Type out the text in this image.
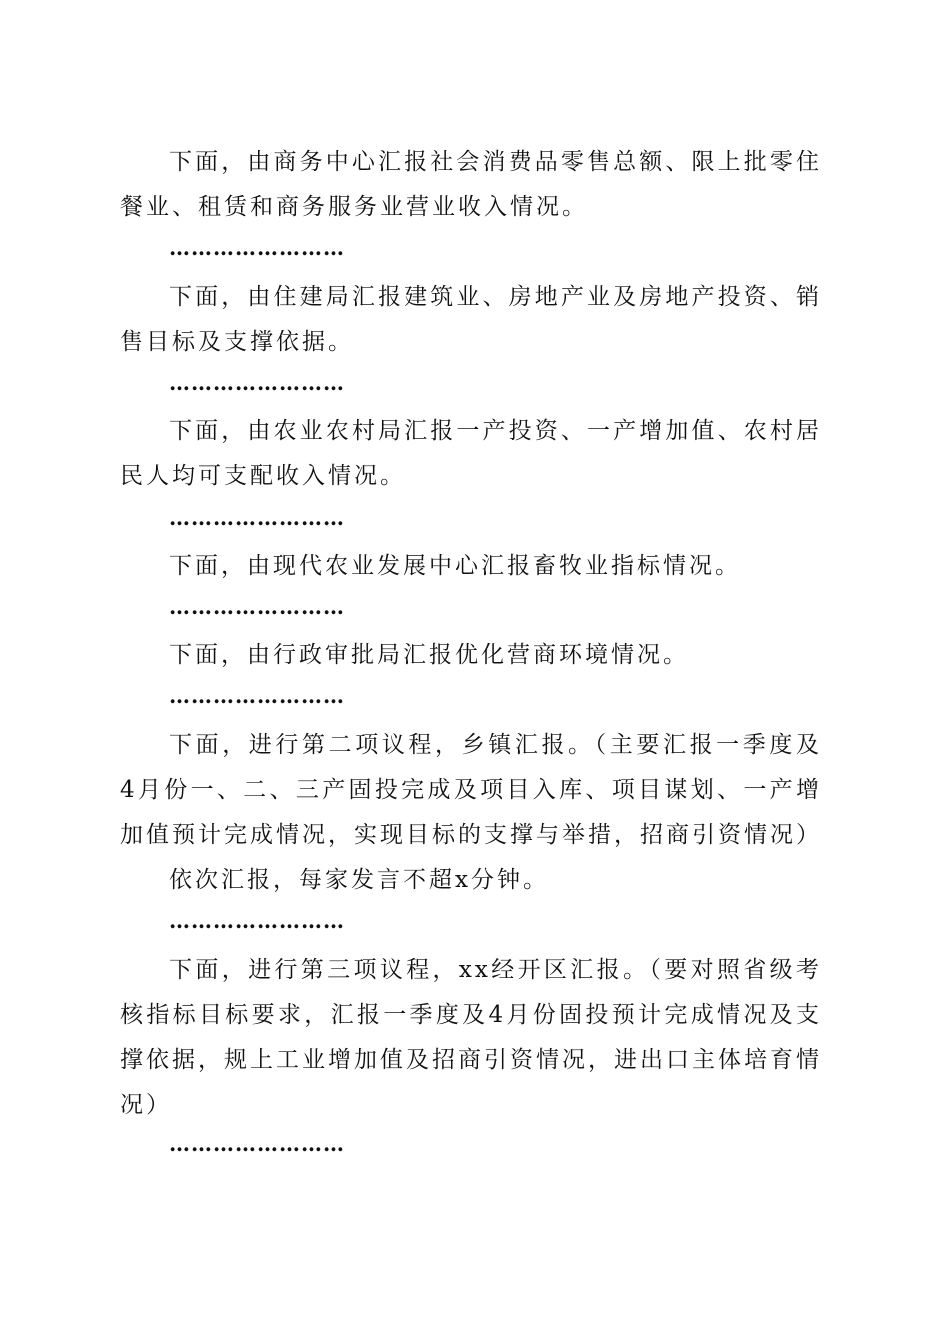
下面，由商务中心汇报社会消费品零售总额、限上批零住餐业、租赁和商务服务业营业收入情况。

……………………

下面，由住建局汇报建筑业、房地产业及房地产投资、销售目标及支撑依据。

……………………

下面，由农业农村局汇报一产投资、一产增加值、农村居民人均可支配收入情况。

……………………

下面，由现代农业发展中心汇报畜牧业指标情况。

……………………

下面，由行政审批局汇报优化营商环境情况。

……………………

下面，进行第二项议程，乡镇汇报。（主要汇报一季度及4月份一、二、三产固投完成及项目入库、项目谋划、一产增加值预计完成情况，实现目标的支撑与举措，招商引资情况）

依次汇报，每家发言不超x分钟。

……………………

下面，进行第三项议程，xx经开区汇报。（要对照省级考核指标目标要求，汇报一季度及4月份固投预计完成情况及支撑依据，规上工业增加值及招商引资情况，进出口主体培育情况）

……………………
